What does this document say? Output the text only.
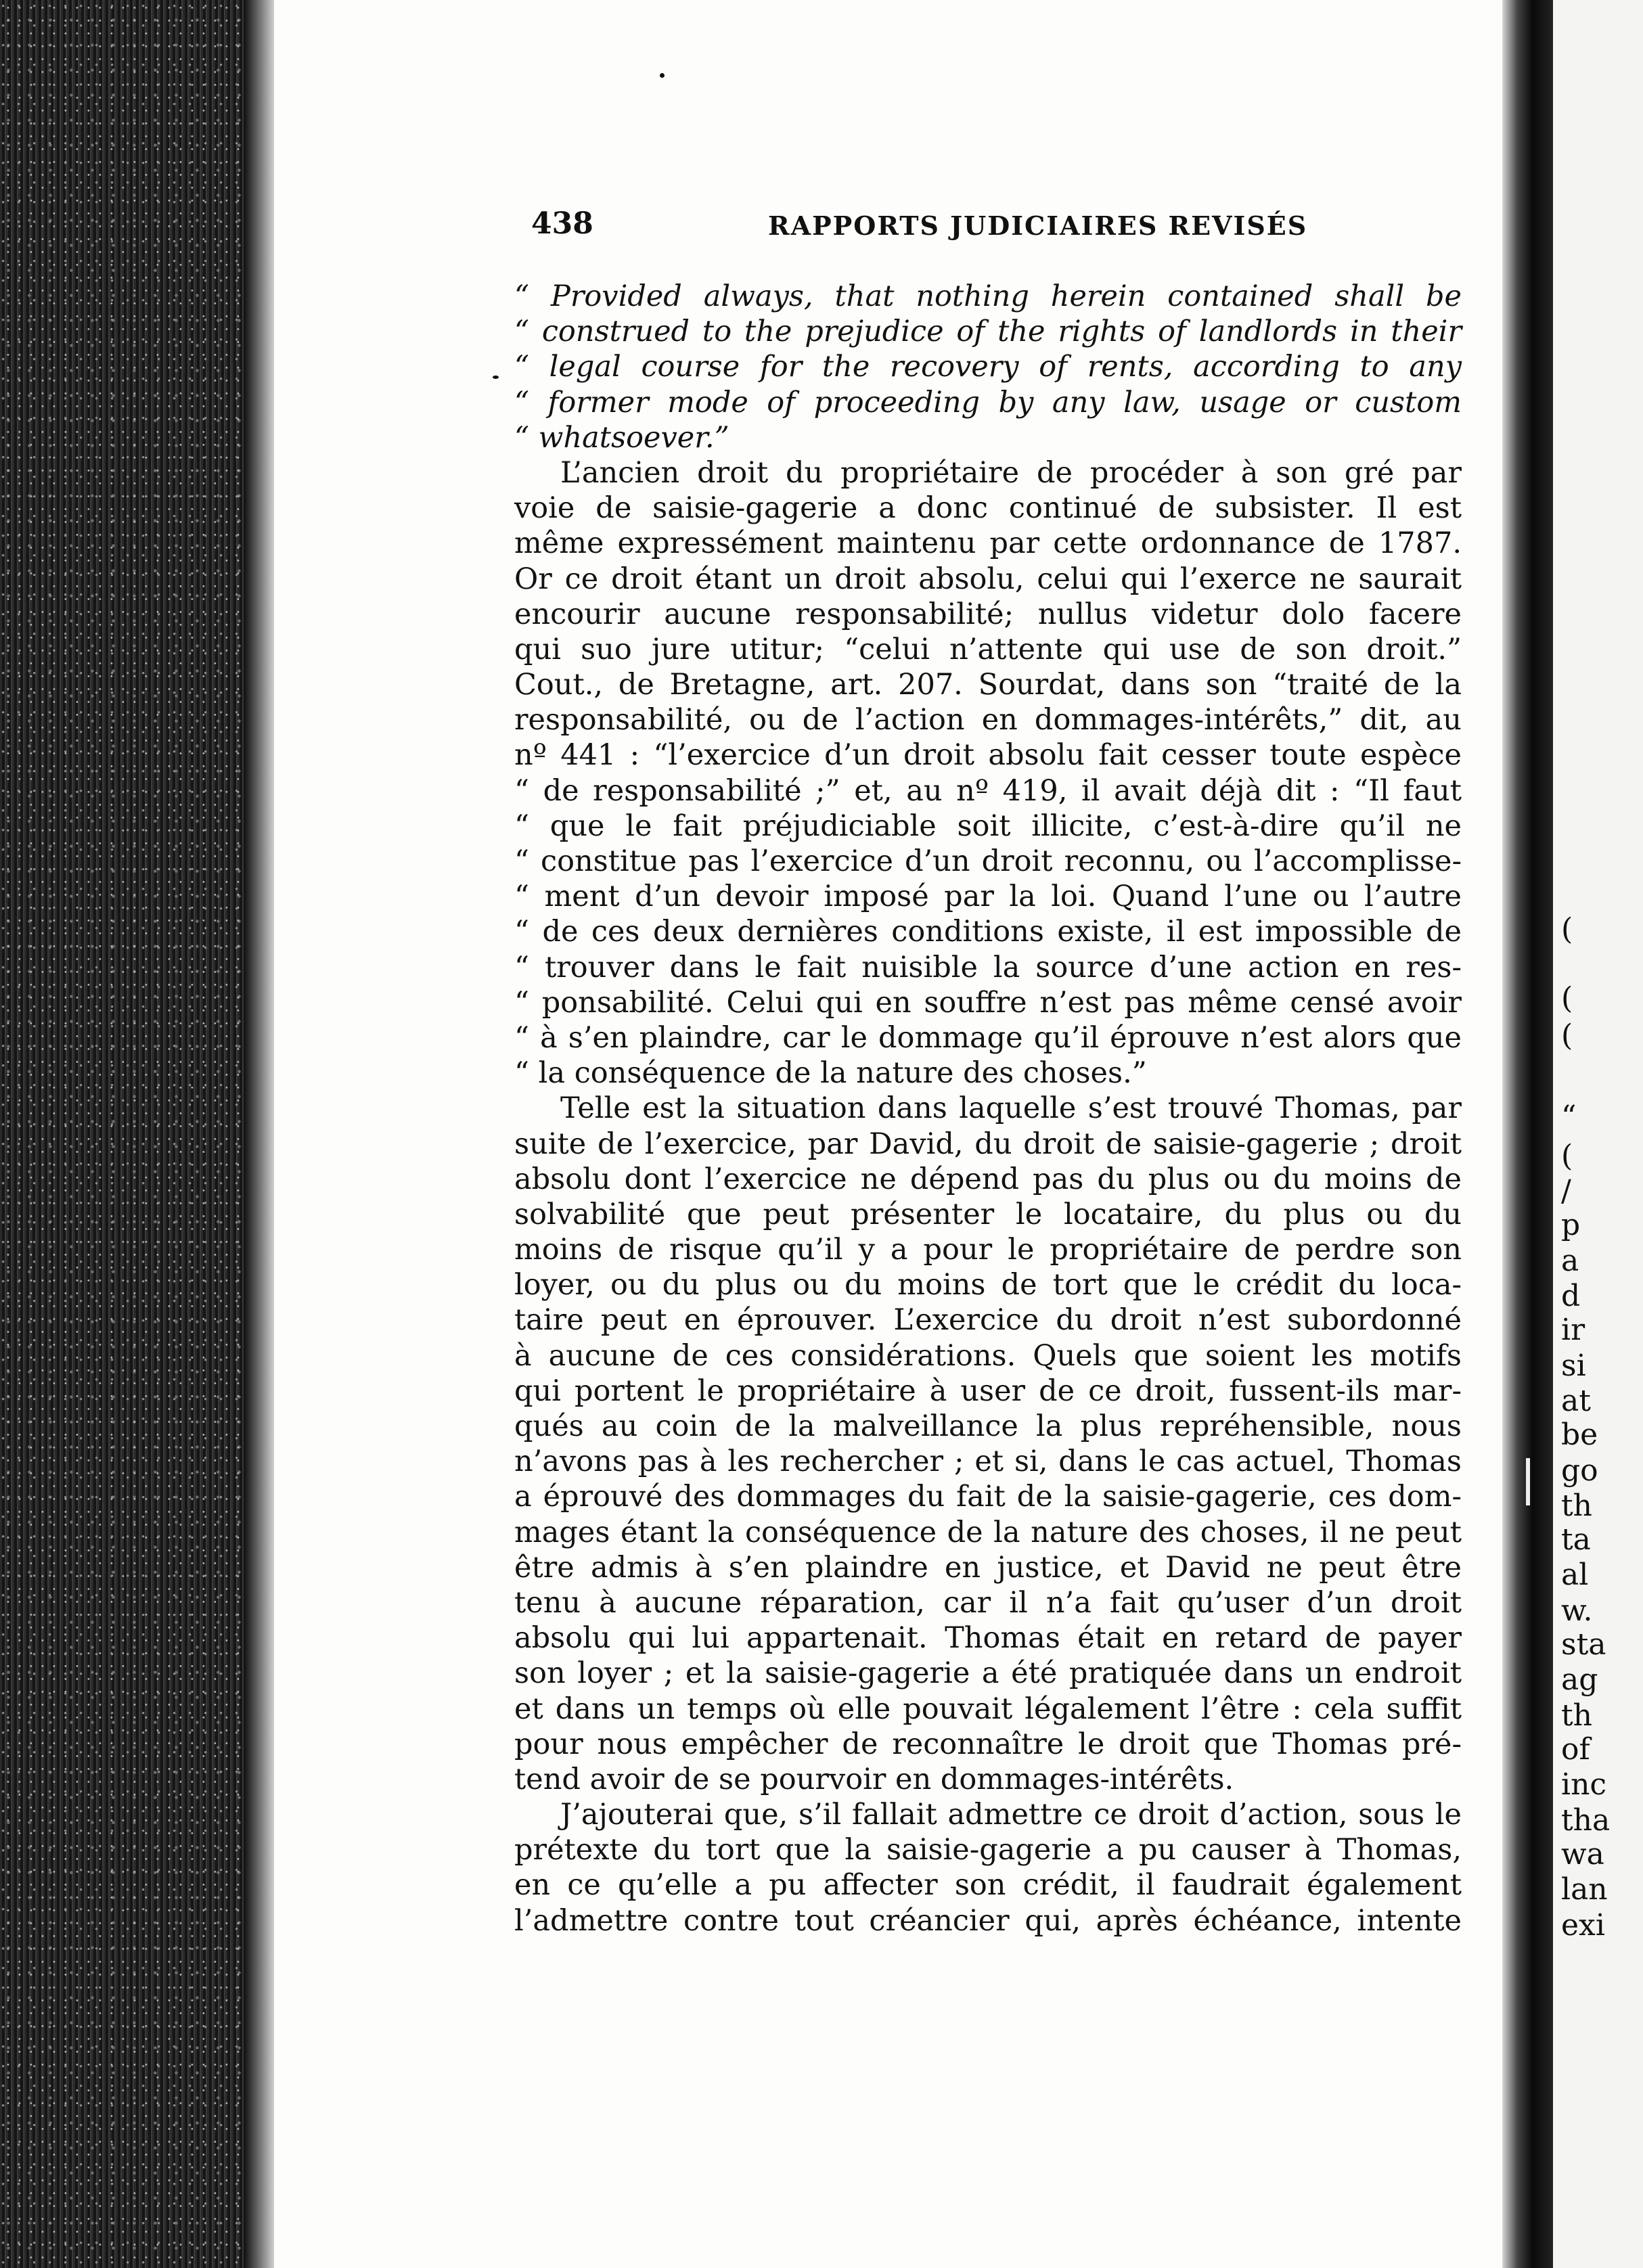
(
(
(
“
(
/
p
a
d
ir
si
at
be
go
th
ta
al
w.
sta
ag
th
of
inc
tha
wa
lan
exi
438	RAPPORTS JUDICIAIRES REVISÉS
“ Provided always, that nothing herein contained shall be
“ construed to the prejudice of the rights of landlords in their
“ legal course for the recovery of rents, according to any
“ former mode of proceeding by any law, usage or custom
“ whatsoever.”
L’ancien droit du propriétaire de procéder à son gré par
voie de saisie-gagerie a donc continué de subsister. Il est
même expressément maintenu par cette ordonnance de 1787.
Or ce droit étant un droit absolu, celui qui l’exerce ne saurait
encourir aucune responsabilité; nullus videtur dolo facere
qui suo jure utitur; “celui n’attente qui use de son droit.”
Cout., de Bretagne, art. 207. Sourdat, dans son “traité de la
responsabilité, ou de l’action en dommages-intérêts,” dit, au
nº 441 : “l’exercice d’un droit absolu fait cesser toute espèce
“ de responsabilité ;” et, au nº 419, il avait déjà dit : “Il faut
“ que le fait préjudiciable soit illicite, c’est-à-dire qu’il ne
“ constitue pas l’exercice d’un droit reconnu, ou l’accomplisse-
“ ment d’un devoir imposé par la loi. Quand l’une ou l’autre
“ de ces deux dernières conditions existe, il est impossible de
“ trouver dans le fait nuisible la source d’une action en res-
“ ponsabilité. Celui qui en souffre n’est pas même censé avoir
“ à s’en plaindre, car le dommage qu’il éprouve n’est alors que
“ la conséquence de la nature des choses.”
Telle est la situation dans laquelle s’est trouvé Thomas, par
suite de l’exercice, par David, du droit de saisie-gagerie ; droit
absolu dont l’exercice ne dépend pas du plus ou du moins de
solvabilité que peut présenter le locataire, du plus ou du
moins de risque qu’il y a pour le propriétaire de perdre son
loyer, ou du plus ou du moins de tort que le crédit du loca-
taire peut en éprouver. L’exercice du droit n’est subordonné
à aucune de ces considérations. Quels que soient les motifs
qui portent le propriétaire à user de ce droit, fussent-ils mar-
qués au coin de la malveillance la plus repréhensible, nous
n’avons pas à les rechercher ; et si, dans le cas actuel, Thomas
a éprouvé des dommages du fait de la saisie-gagerie, ces dom-
mages étant la conséquence de la nature des choses, il ne peut
être admis à s’en plaindre en justice, et David ne peut être
tenu à aucune réparation, car il n’a fait qu’user d’un droit
absolu qui lui appartenait. Thomas était en retard de payer
son loyer ; et la saisie-gagerie a été pratiquée dans un endroit
et dans un temps où elle pouvait légalement l’être : cela suffit
pour nous empêcher de reconnaître le droit que Thomas pré-
tend avoir de se pourvoir en dommages-intérêts.
J’ajouterai que, s’il fallait admettre ce droit d’action, sous le
prétexte du tort que la saisie-gagerie a pu causer à Thomas,
en ce qu’elle a pu affecter son crédit, il faudrait également
l’admettre contre tout créancier qui, après échéance, intente
